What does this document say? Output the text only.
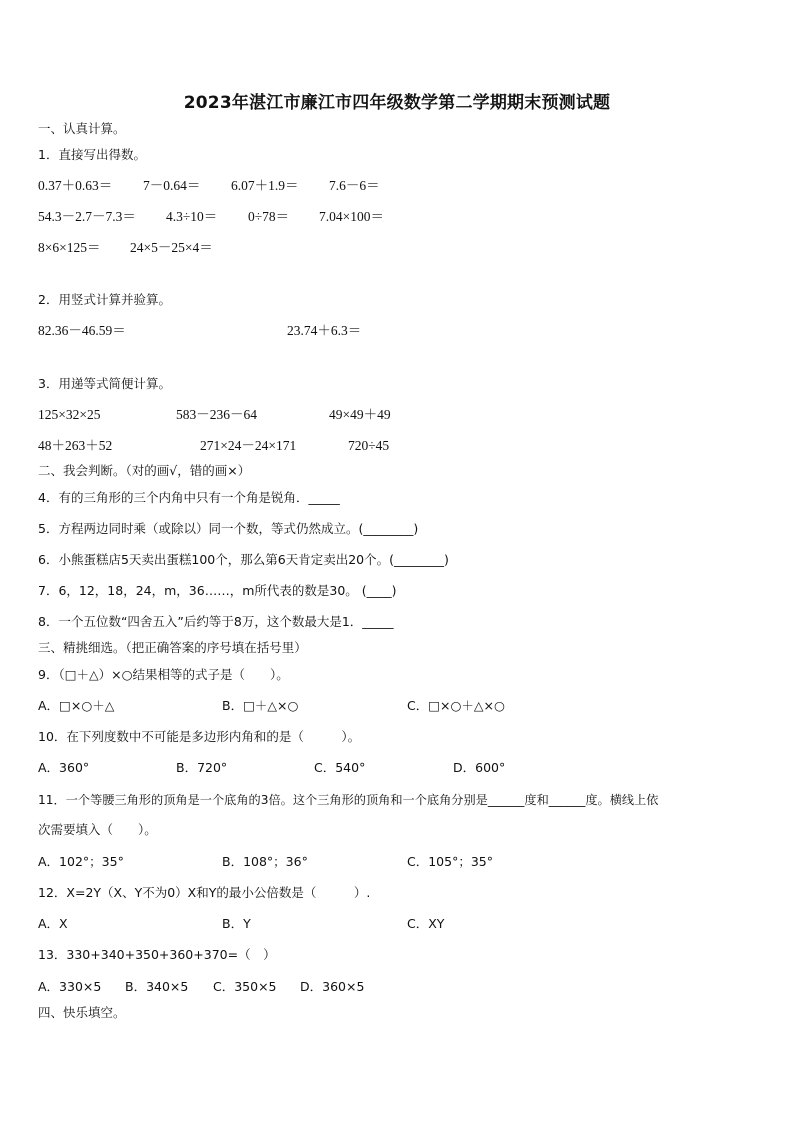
2023年湛江市廉江市四年级数学第二学期期末预测试题
一、认真计算。
1．直接写出得数。
0.37＋0.63＝ 7－0.64＝ 6.07＋1.9＝ 7.6－6＝
54.3－2.7－7.3＝ 4.3÷10＝ 0÷78＝ 7.04×100＝
8×6×125＝ 24×5－25×4＝
2．用竖式计算并验算。
82.36－46.59＝	23.74＋6.3＝
3．用递等式简便计算。
125×32×25	583－236－64	49×49＋49
48＋263＋52	271×24－24×171	720÷45
二、我会判断。（对的画√，错的画×）
4．有的三角形的三个内角中只有一个角是锐角．_____
5．方程两边同时乘（或除以）同一个数，等式仍然成立。(________)
6．小熊蛋糕店5天卖出蛋糕100个，那么第6天肯定卖出20个。(________)
7．6，12，18，24，m，36……，m所代表的数是30。 (____)
8．一个五位数“四舍五入”后约等于8万，这个数最大是1．_____
三、精挑细选。（把正确答案的序号填在括号里）
9．（□＋△）×○结果相等的式子是（　　）。
A．□×○＋△	B．□＋△×○	C．□×○＋△×○
10．在下列度数中不可能是多边形内角和的是（　　　）。
A．360°	B．720°	C．540°	D．600°
11．一个等腰三角形的顶角是一个底角的3倍。这个三角形的顶角和一个底角分别是______度和______度。横线上依
次需要填入（　　）。
A．102°；35°	B．108°；36°	C．105°；35°
12．X=2Y（X、Y不为0）X和Y的最小公倍数是（　　　）.
A．X	B．Y	C．XY
13．330+340+350+360+370=（　）
A．330×5 B．340×5 C．350×5 D．360×5
四、快乐填空。
